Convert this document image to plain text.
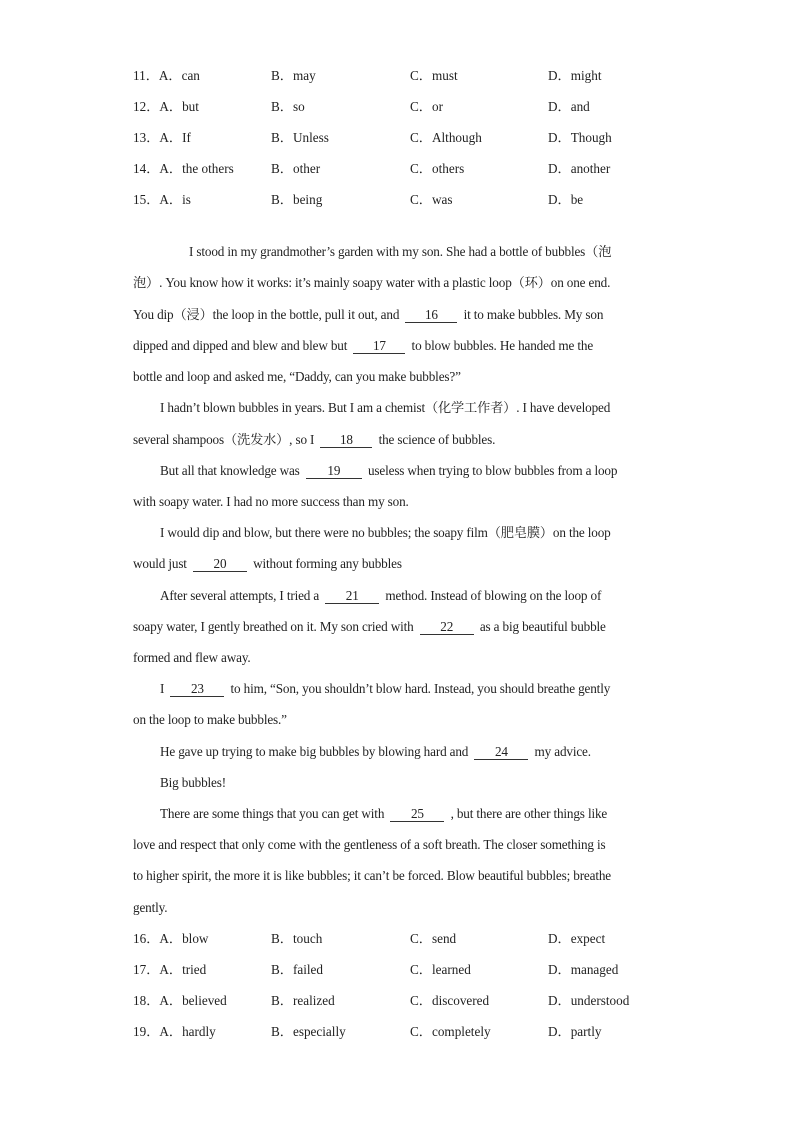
11．A．can	B．may	C．must	D．might
12．A．but	B．so	C．or	D．and
13．A．If	B．Unless	C．Although	D．Though
14．A．the others	B．other	C．others	D．another
15．A．is	B．being	C．was	D．be
I stood in my grandmother’s garden with my son. She had a bottle of bubbles（泡
泡）. You know how it works: it’s mainly soapy water with a plastic loop（环）on one end.
You dip（浸）the loop in the bottle, pull it out, and 16 it to make bubbles. My son
dipped and dipped and blew and blew but 17 to blow bubbles. He handed me the
bottle and loop and asked me, “Daddy, can you make bubbles?”
I hadn’t blown bubbles in years. But I am a chemist（化学工作者）. I have developed
several shampoos（洗发水）, so I 18 the science of bubbles.
But all that knowledge was 19 useless when trying to blow bubbles from a loop
with soapy water. I had no more success than my son.
I would dip and blow, but there were no bubbles; the soapy film（肥皂膜）on the loop
would just 20 without forming any bubbles
After several attempts, I tried a 21 method. Instead of blowing on the loop of
soapy water, I gently breathed on it. My son cried with 22 as a big beautiful bubble
formed and flew away.
I 23 to him, “Son, you shouldn’t blow hard. Instead, you should breathe gently
on the loop to make bubbles.”
He gave up trying to make big bubbles by blowing hard and 24 my advice.
Big bubbles!
There are some things that you can get with 25 , but there are other things like
love and respect that only come with the gentleness of a soft breath. The closer something is
to higher spirit, the more it is like bubbles; it can’t be forced. Blow beautiful bubbles; breathe
gently.
16．A．blow	B．touch	C．send	D．expect
17．A．tried	B．failed	C．learned	D．managed
18．A．believed	B．realized	C．discovered	D．understood
19．A．hardly	B．especially	C．completely	D．partly
